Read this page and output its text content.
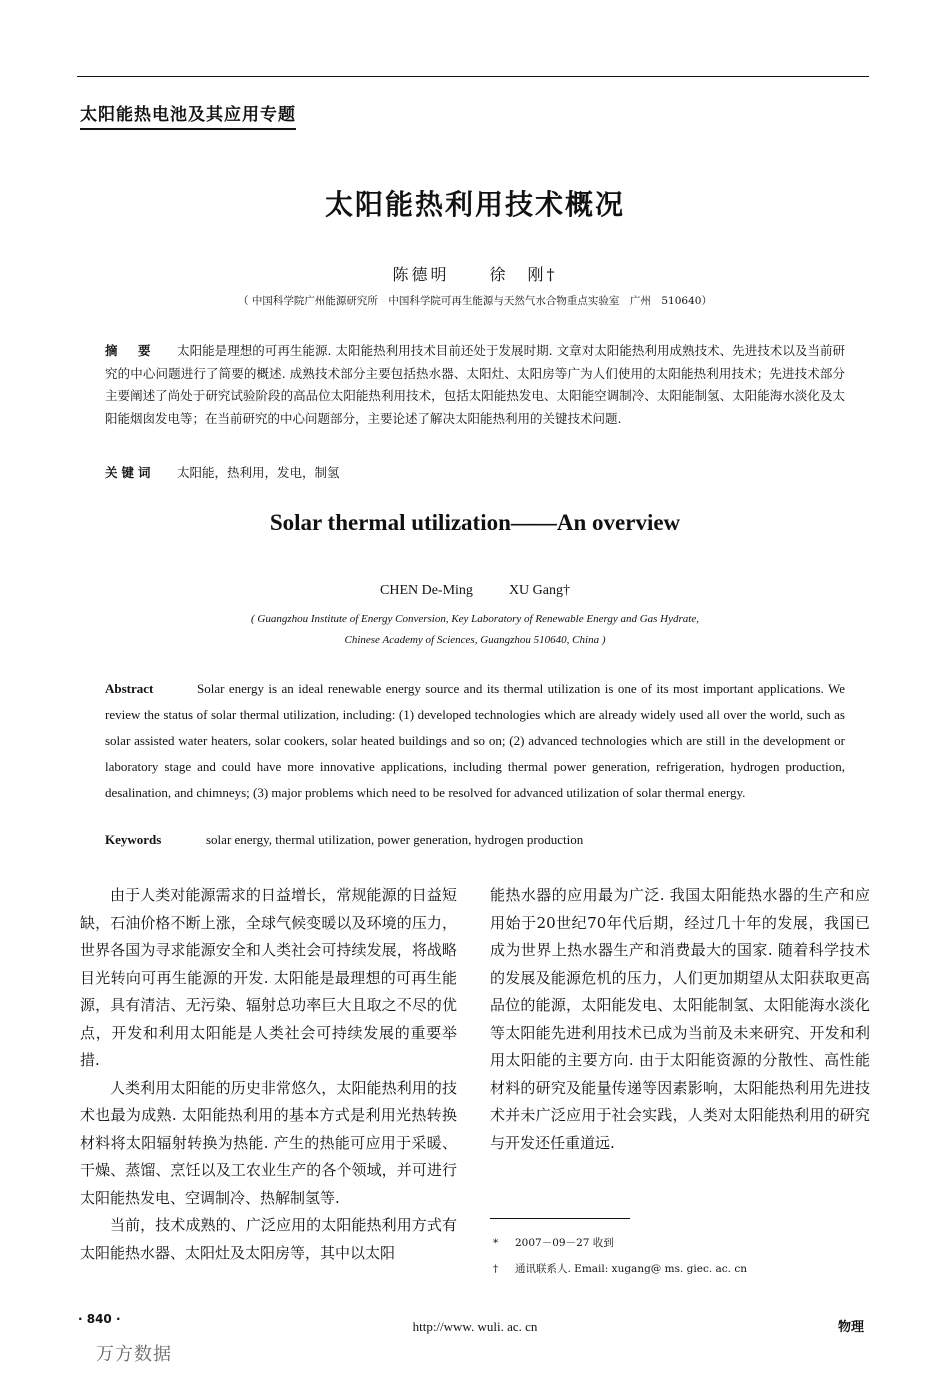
太阳能热电池及其应用专题
太阳能热利用技术概况
陈德明	徐　刚†
（ 中国科学院广州能源研究所　中国科学院可再生能源与天然气水合物重点实验室　广州　510640）
摘　要 太阳能是理想的可再生能源. 太阳能热利用技术目前还处于发展时期. 文章对太阳能热利用成熟技术、先进技术以及当前研究的中心问题进行了简要的概述. 成熟技术部分主要包括热水器、太阳灶、太阳房等广为人们使用的太阳能热利用技术；先进技术部分主要阐述了尚处于研究试验阶段的高品位太阳能热利用技术，包括太阳能热发电、太阳能空调制冷、太阳能制氢、太阳能海水淡化及太阳能烟囱发电等；在当前研究的中心问题部分，主要论述了解决太阳能热利用的关键技术问题.
关键词 太阳能，热利用，发电，制氢
Solar thermal utilization——An overview
CHEN De-Ming	XU Gang†
( Guangzhou Institute of Energy Conversion, Key Laboratory of Renewable Energy and Gas Hydrate,
Chinese Academy of Sciences, Guangzhou 510640, China )
Abstract	Solar energy is an ideal renewable energy source and its thermal utilization is one of its most important applications. We review the status of solar thermal utilization, including: (1) developed technologies which are already widely used all over the world, such as solar assisted water heaters, solar cookers, solar heated buildings and so on; (2) advanced technologies which are still in the development or laboratory stage and could have more innovative applications, including thermal power generation, refrigeration, hydrogen production, desalination, and chimneys; (3) major problems which need to be resolved for advanced utilization of solar thermal energy.
Keywords	solar energy, thermal utilization, power generation, hydrogen production

由于人类对能源需求的日益增长，常规能源的日益短缺，石油价格不断上涨，全球气候变暖以及环境的压力，世界各国为寻求能源安全和人类社会可持续发展，将战略目光转向可再生能源的开发. 太阳能是最理想的可再生能源，具有清洁、无污染、辐射总功率巨大且取之不尽的优点，开发和利用太阳能是人类社会可持续发展的重要举措.

人类利用太阳能的历史非常悠久，太阳能热利用的技术也最为成熟. 太阳能热利用的基本方式是利用光热转换材料将太阳辐射转换为热能. 产生的热能可应用于采暖、干燥、蒸馏、烹饪以及工农业生产的各个领域，并可进行太阳能热发电、空调制冷、热解制氢等.

当前，技术成熟的、广泛应用的太阳能热利用方式有太阳能热水器、太阳灶及太阳房等，其中以太阳

能热水器的应用最为广泛. 我国太阳能热水器的生产和应用始于20世纪70年代后期，经过几十年的发展，我国已成为世界上热水器生产和消费最大的国家. 随着科学技术的发展及能源危机的压力，人们更加期望从太阳获取更高品位的能源，太阳能发电、太阳能制氢、太阳能海水淡化等太阳能先进利用技术已成为当前及未来研究、开发和利用太阳能的主要方向. 由于太阳能资源的分散性、高性能材料的研究及能量传递等因素影响，太阳能热利用先进技术并未广泛应用于社会实践，人类对太阳能热利用的研究与开发还任重道远.

* 2007－09－27 收到
† 通讯联系人. Email: xugang@ ms. giec. ac. cn
· 840 ·	http://www. wuli. ac. cn	物理
万方数据
